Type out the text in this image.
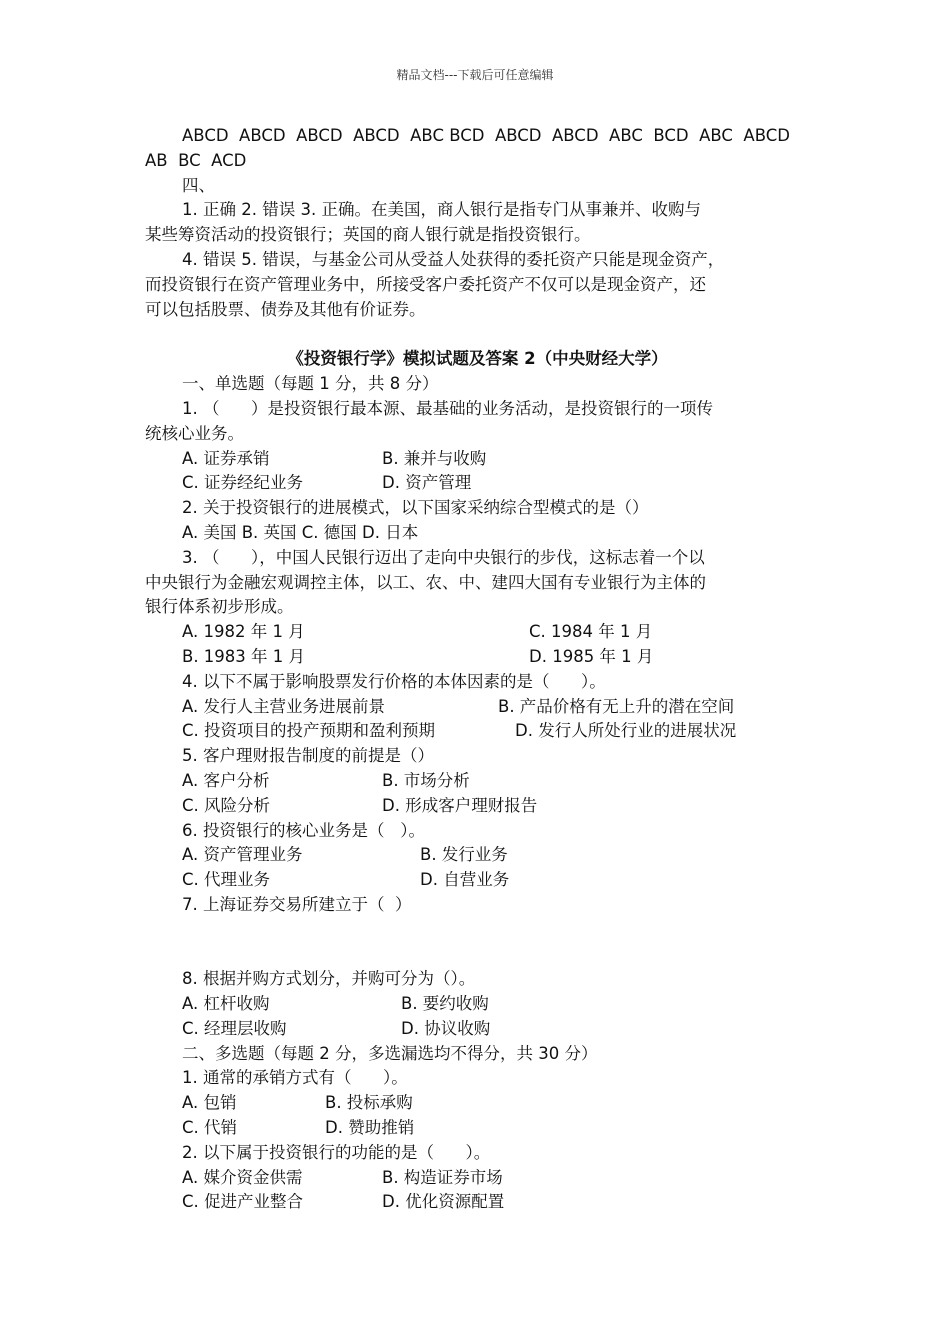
精品文档---下载后可任意编辑
ABCD  ABCD  ABCD  ABCD  ABC BCD  ABCD  ABCD  ABC  BCD  ABC  ABCD
AB  BC  ACD
四、
1. 正确 2. 错误 3. 正确。在美国，商人银行是指专门从事兼并、收购与
某些筹资活动的投资银行；英国的商人银行就是指投资银行。
4. 错误 5. 错误，与基金公司从受益人处获得的委托资产只能是现金资产，
而投资银行在资产管理业务中，所接受客户委托资产不仅可以是现金资产，还
可以包括股票、债券及其他有价证券。
《投资银行学》模拟试题及答案 2（中央财经大学）
一、单选题（每题 1 分，共 8 分）
1. （      ）是投资银行最本源、最基础的业务活动，是投资银行的一项传
统核心业务。
A. 证券承销	B. 兼并与收购
C. 证券经纪业务	D. 资产管理
2. 关于投资银行的进展模式，以下国家采纳综合型模式的是（）
A. 美国 B. 英国 C. 德国 D. 日本
3. （      ），中国人民银行迈出了走向中央银行的步伐，这标志着一个以
中央银行为金融宏观调控主体，以工、农、中、建四大国有专业银行为主体的
银行体系初步形成。
A. 1982 年 1 月	C. 1984 年 1 月
B. 1983 年 1 月	D. 1985 年 1 月
4. 以下不属于影响股票发行价格的本体因素的是（      ）。
A. 发行人主营业务进展前景	B. 产品价格有无上升的潜在空间
C. 投资项目的投产预期和盈利预期	D. 发行人所处行业的进展状况
5. 客户理财报告制度的前提是（）
A. 客户分析	B. 市场分析
C. 风险分析	D. 形成客户理财报告
6. 投资银行的核心业务是（   ）。
A. 资产管理业务	B. 发行业务
C. 代理业务	D. 自营业务
7. 上海证券交易所建立于（  ）

8. 根据并购方式划分，并购可分为（）。
A. 杠杆收购	B. 要约收购
C. 经理层收购	D. 协议收购
二、多选题（每题 2 分，多选漏选均不得分，共 30 分）
1. 通常的承销方式有（      ）。
A. 包销	B. 投标承购
C. 代销	D. 赞助推销
2. 以下属于投资银行的功能的是（      ）。
A. 媒介资金供需	B. 构造证券市场
C. 促进产业整合	D. 优化资源配置
